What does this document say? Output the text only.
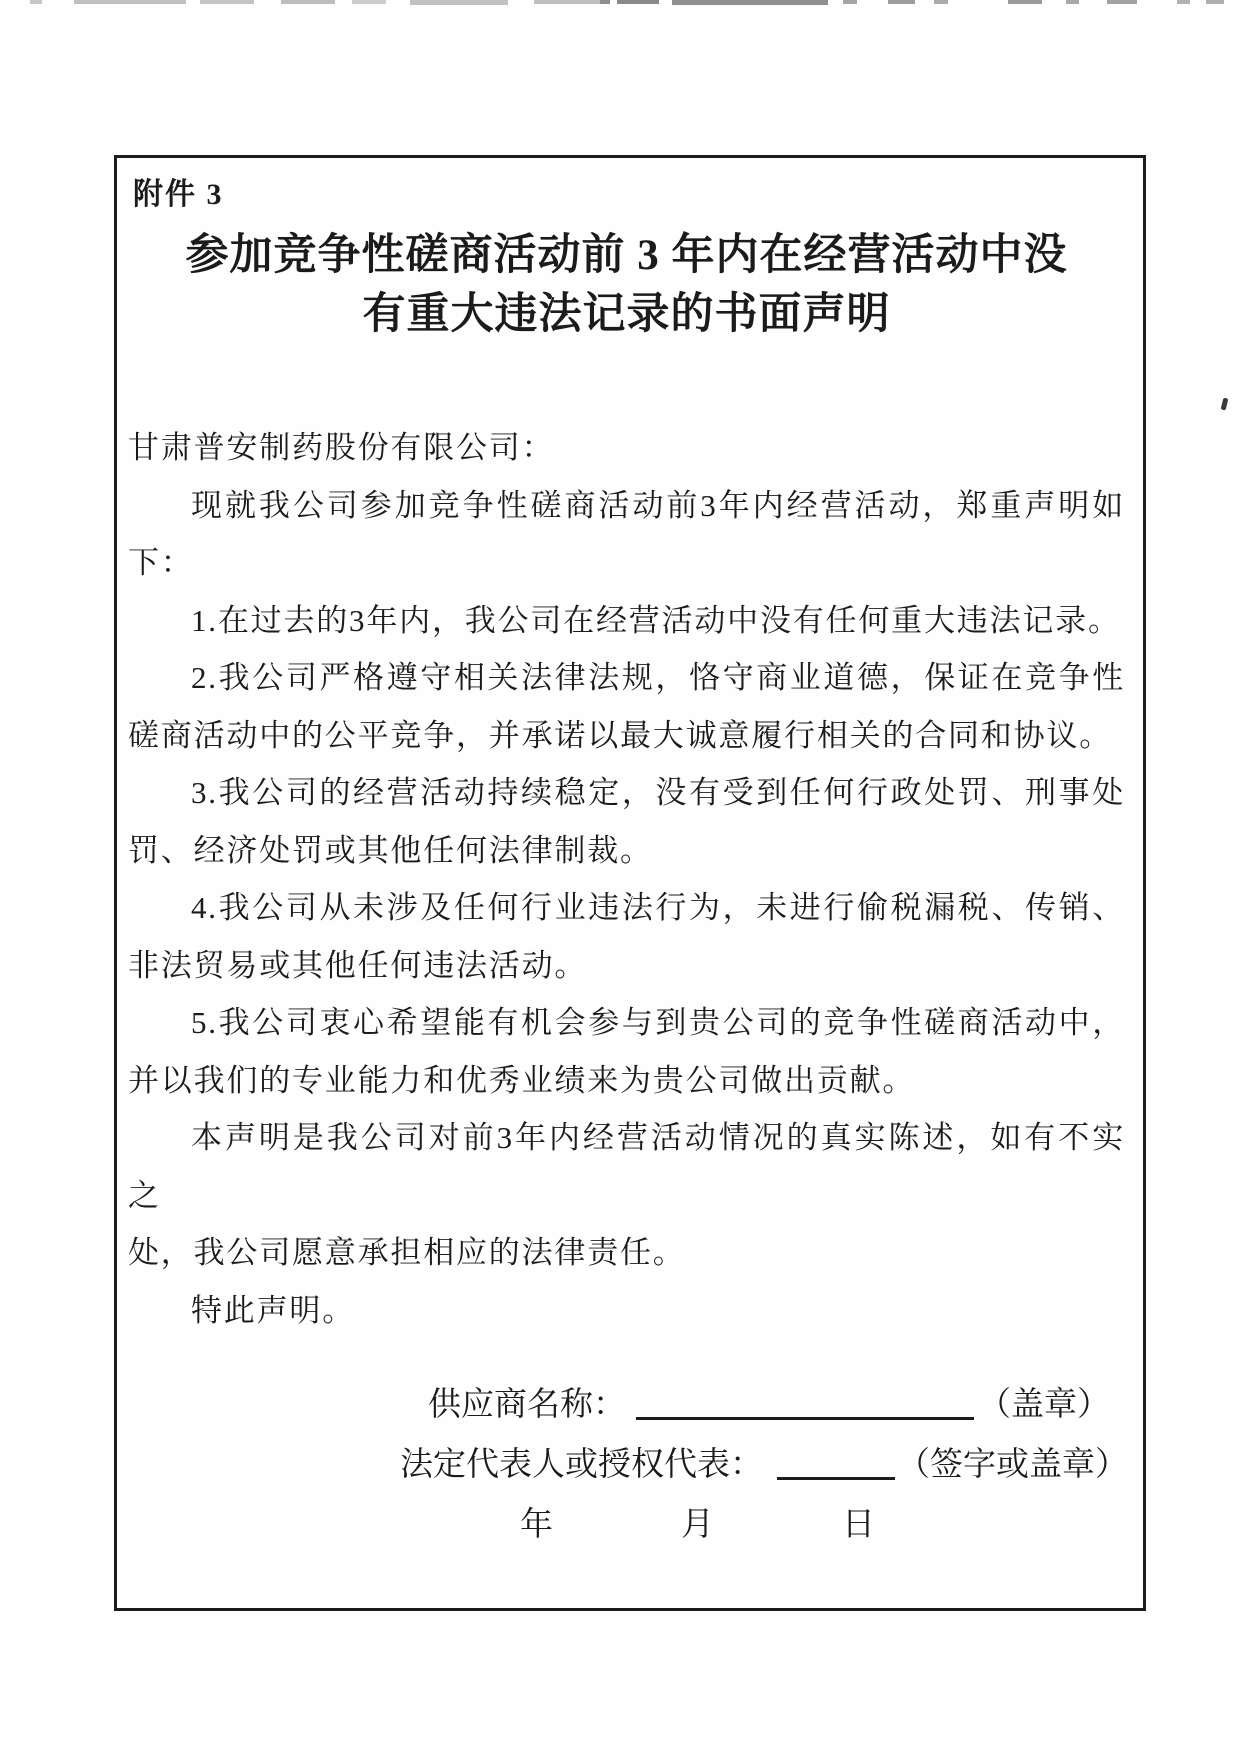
附件 3
参加竞争性磋商活动前 3 年内在经营活动中没
有重大违法记录的书面声明
甘肃普安制药股份有限公司：
现就我公司参加竞争性磋商活动前3年内经营活动，郑重声明如
下：
1.在过去的3年内，我公司在经营活动中没有任何重大违法记录。
2.我公司严格遵守相关法律法规，恪守商业道德，保证在竞争性
磋商活动中的公平竞争，并承诺以最大诚意履行相关的合同和协议。
3.我公司的经营活动持续稳定，没有受到任何行政处罚、刑事处
罚、经济处罚或其他任何法律制裁。
4.我公司从未涉及任何行业违法行为，未进行偷税漏税、传销、
非法贸易或其他任何违法活动。
5.我公司衷心希望能有机会参与到贵公司的竞争性磋商活动中，
并以我们的专业能力和优秀业绩来为贵公司做出贡献。
本声明是我公司对前3年内经营活动情况的真实陈述，如有不实之
处，我公司愿意承担相应的法律责任。
特此声明。
供应商名称：	（盖章）
法定代表人或授权代表：	（签字或盖章）
年	月	日
